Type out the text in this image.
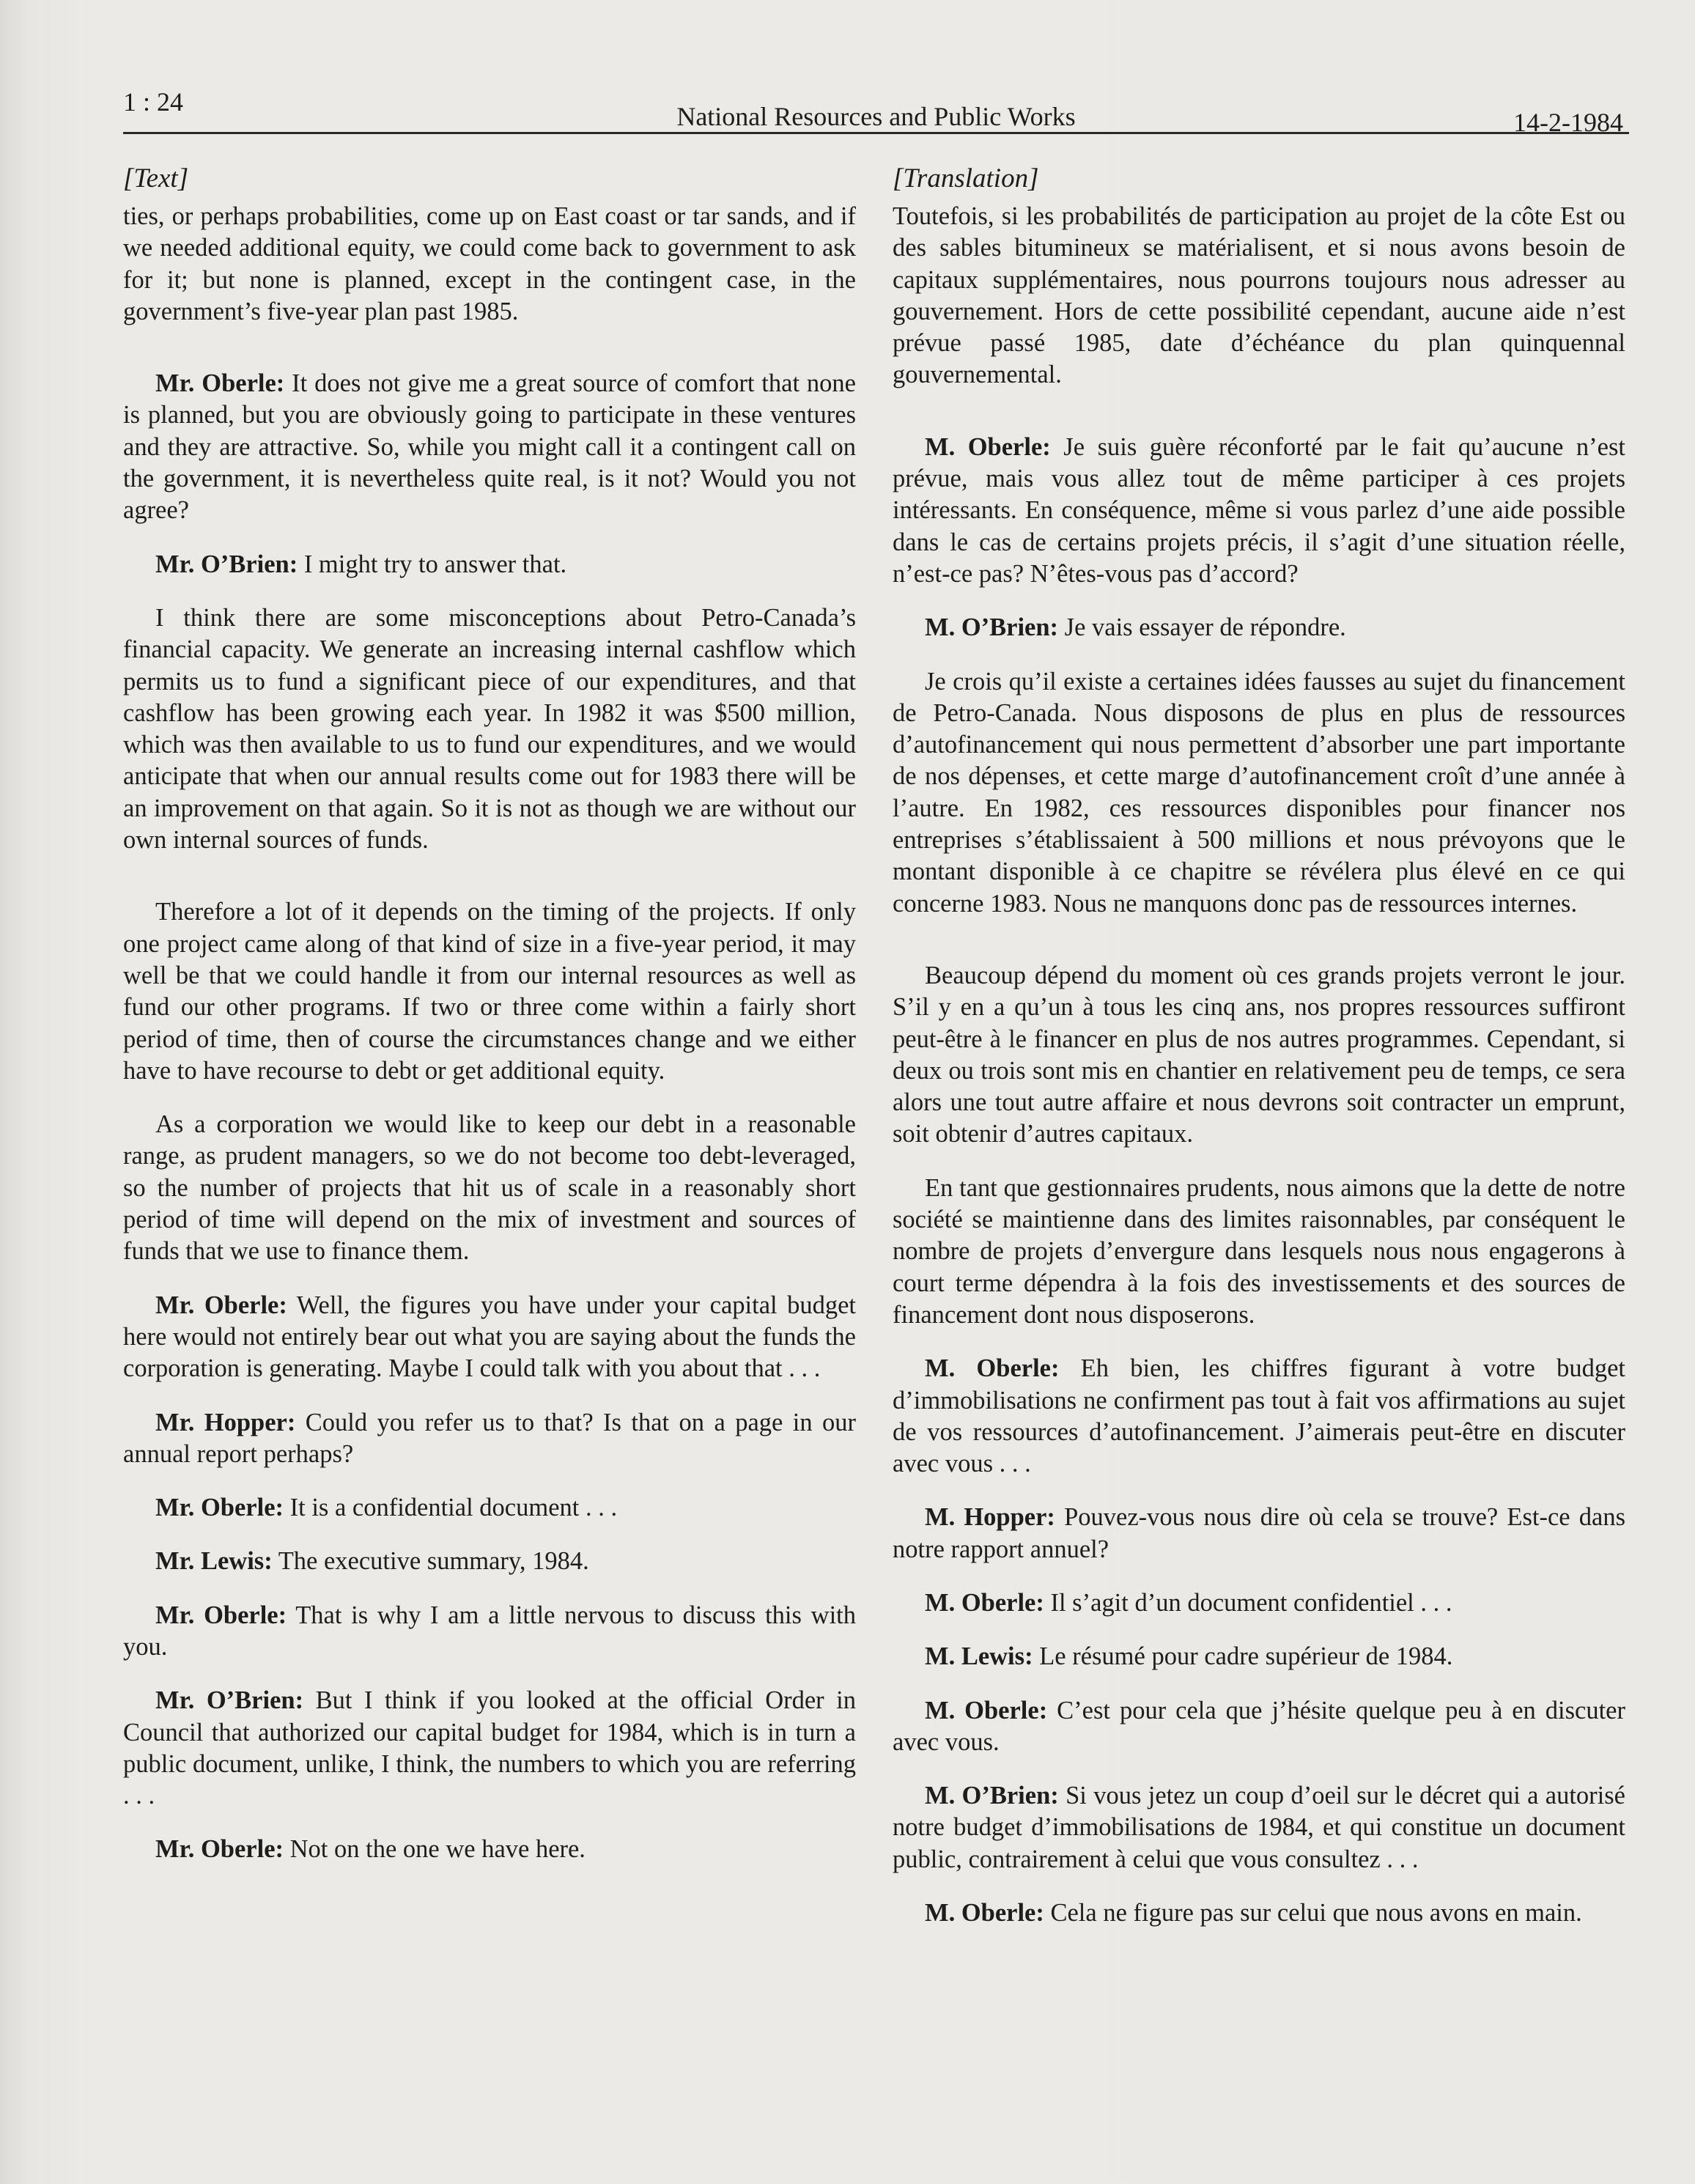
1 : 24	National Resources and Public Works	14-2-1984
[Text]

ties, or perhaps probabilities, come up on East coast or tar sands, and if we needed additional equity, we could come back to government to ask for it; but none is planned, except in the contingent case, in the government’s five-year plan past 1985.

Mr. Oberle: It does not give me a great source of comfort that none is planned, but you are obviously going to participate in these ventures and they are attractive. So, while you might call it a contingent call on the government, it is nevertheless quite real, is it not? Would you not agree?

Mr. O’Brien: I might try to answer that.

I think there are some misconceptions about Petro-Canada’s financial capacity. We generate an increasing internal cashflow which permits us to fund a significant piece of our expenditures, and that cashflow has been growing each year. In 1982 it was $500 million, which was then available to us to fund our expenditures, and we would anticipate that when our annual results come out for 1983 there will be an improvement on that again. So it is not as though we are without our own internal sources of funds.

Therefore a lot of it depends on the timing of the projects. If only one project came along of that kind of size in a five-year period, it may well be that we could handle it from our internal resources as well as fund our other programs. If two or three come within a fairly short period of time, then of course the circumstances change and we either have to have recourse to debt or get additional equity.

As a corporation we would like to keep our debt in a reasonable range, as prudent managers, so we do not become too debt-leveraged, so the number of projects that hit us of scale in a reasonably short period of time will depend on the mix of investment and sources of funds that we use to finance them.

Mr. Oberle: Well, the figures you have under your capital budget here would not entirely bear out what you are saying about the funds the corporation is generating. Maybe I could talk with you about that . . .

Mr. Hopper: Could you refer us to that? Is that on a page in our annual report perhaps?

Mr. Oberle: It is a confidential document . . .

Mr. Lewis: The executive summary, 1984.

Mr. Oberle: That is why I am a little nervous to discuss this with you.

Mr. O’Brien: But I think if you looked at the official Order in Council that authorized our capital budget for 1984, which is in turn a public document, unlike, I think, the numbers to which you are referring . . .

Mr. Oberle: Not on the one we have here.

[Translation]

Toutefois, si les probabilités de participation au projet de la côte Est ou des sables bitumineux se matérialisent, et si nous avons besoin de capitaux supplémentaires, nous pourrons toujours nous adresser au gouvernement. Hors de cette possibilité cependant, aucune aide n’est prévue passé 1985, date d’échéance du plan quinquennal gouvernemental.

M. Oberle: Je suis guère réconforté par le fait qu’aucune n’est prévue, mais vous allez tout de même participer à ces projets intéressants. En conséquence, même si vous parlez d’une aide possible dans le cas de certains projets précis, il s’agit d’une situation réelle, n’est-ce pas? N’êtes-vous pas d’accord?

M. O’Brien: Je vais essayer de répondre.

Je crois qu’il existe a certaines idées fausses au sujet du financement de Petro-Canada. Nous disposons de plus en plus de ressources d’autofinancement qui nous permettent d’absorber une part importante de nos dépenses, et cette marge d’autofinancement croît d’une année à l’autre. En 1982, ces ressources disponibles pour financer nos entreprises s’établissaient à 500 millions et nous prévoyons que le montant disponible à ce chapitre se révélera plus élevé en ce qui concerne 1983. Nous ne manquons donc pas de ressources internes.

Beaucoup dépend du moment où ces grands projets verront le jour. S’il y en a qu’un à tous les cinq ans, nos propres ressources suffiront peut-être à le financer en plus de nos autres programmes. Cependant, si deux ou trois sont mis en chantier en relativement peu de temps, ce sera alors une tout autre affaire et nous devrons soit contracter un emprunt, soit obtenir d’autres capitaux.

En tant que gestionnaires prudents, nous aimons que la dette de notre société se maintienne dans des limites raisonnables, par conséquent le nombre de projets d’envergure dans lesquels nous nous engagerons à court terme dépendra à la fois des investissements et des sources de financement dont nous disposerons.

M. Oberle: Eh bien, les chiffres figurant à votre budget d’immobilisations ne confirment pas tout à fait vos affirmations au sujet de vos ressources d’autofinancement. J’aimerais peut-être en discuter avec vous . . .

M. Hopper: Pouvez-vous nous dire où cela se trouve? Est-ce dans notre rapport annuel?

M. Oberle: Il s’agit d’un document confidentiel . . .

M. Lewis: Le résumé pour cadre supérieur de 1984.

M. Oberle: C’est pour cela que j’hésite quelque peu à en discuter avec vous.

M. O’Brien: Si vous jetez un coup d’oeil sur le décret qui a autorisé notre budget d’immobilisations de 1984, et qui constitue un document public, contrairement à celui que vous consultez . . .

M. Oberle: Cela ne figure pas sur celui que nous avons en main.
